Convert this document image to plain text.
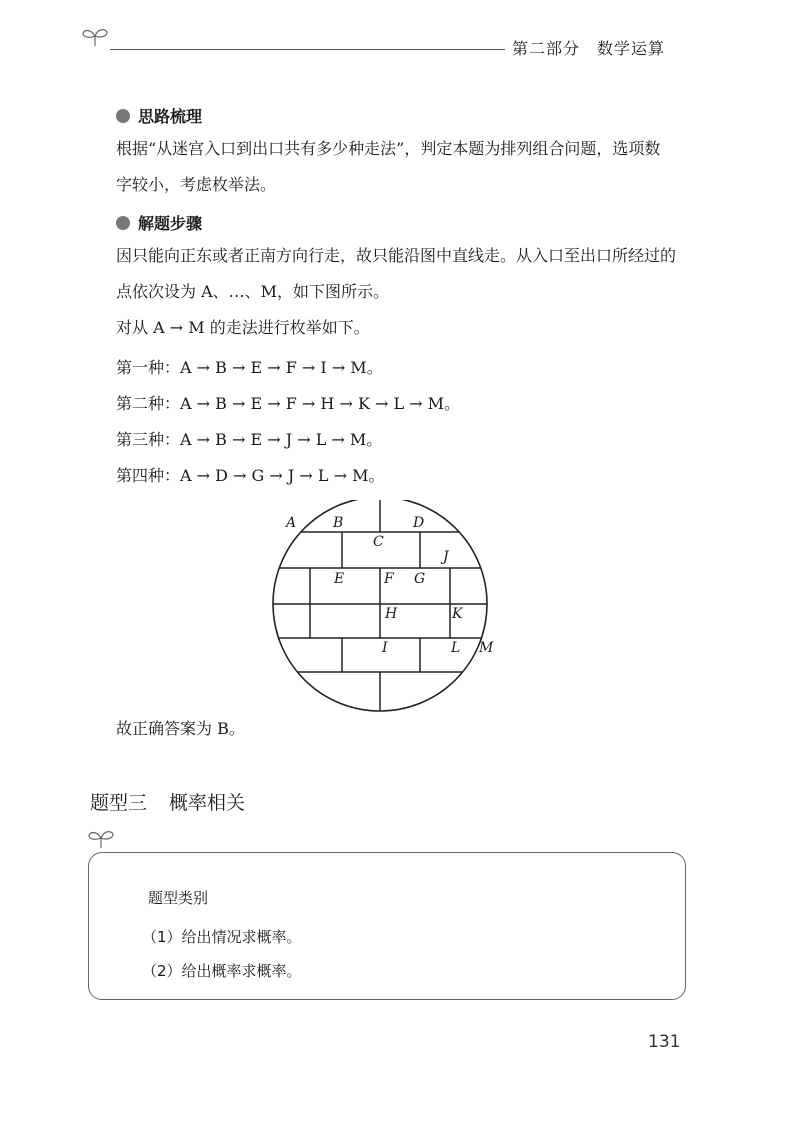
第二部分　数学运算
思路梳理
根据“从迷宫入口到出口共有多少种走法”，判定本题为排列组合问题，选项数
字较小，考虑枚举法。
解题步骤
因只能向正东或者正南方向行走，故只能沿图中直线走。从入口至出口所经过的
点依次设为 A、…、M，如下图所示。
对从 A → M 的走法进行枚举如下。
第一种：A → B → E → F → I → M。
第二种：A → B → E → F → H → K → L → M。
第三种：A → B → E → J → L → M。
第四种：A → D → G → J → L → M。
A	B
C
D
J
E	F G
H	K
I	L M
故正确答案为 B。
题型三 概率相关
题型类别
（1）给出情况求概率。
（2）给出概率求概率。
131
